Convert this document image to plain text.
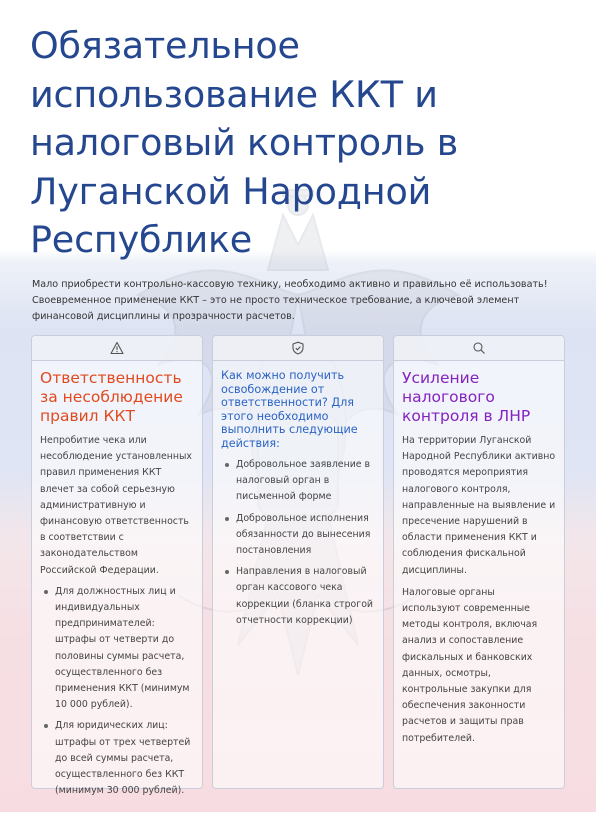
Обязательное использование ККТ и налоговый контроль в Луганской Народной Республике

Мало приобрести контрольно-кассовую технику, необходимо активно и правильно её использовать! Своевременное применение ККТ – это не просто техническое требование, а ключевой элемент финансовой дисциплины и прозрачности расчетов.

Ответственность за несоблюдение правил ККТ

Непробитие чека или несоблюдение установленных правил применения ККТ влечет за собой серьезную административную и финансовую ответственность в соответствии с законодательством Российской Федерации.

Для должностных лиц и индивидуальных предпринимателей: штрафы от четверти до половины суммы расчета, осуществленного без применения ККТ (минимум 10 000 рублей).
Для юридических лиц: штрафы от трех четвертей до всей суммы расчета, осуществленного без ККТ (минимум 30 000 рублей).
Как можно получить освобождение от ответственности? Для этого необходимо выполнить следующие действия:
Добровольное заявление в налоговый орган в письменной форме
Добровольное исполнения обязанности до вынесения постановления
Направления в налоговый орган кассового чека коррекции (бланка строгой отчетности коррекции)
Усиление налогового контроля в ЛНР

На территории Луганской Народной Республики активно проводятся мероприятия налогового контроля, направленные на выявление и пресечение нарушений в области применения ККТ и соблюдения фискальной дисциплины.

Налоговые органы используют современные методы контроля, включая анализ и сопоставление фискальных и банковских данных, осмотры, контрольные закупки для обеспечения законности расчетов и защиты прав потребителей.
